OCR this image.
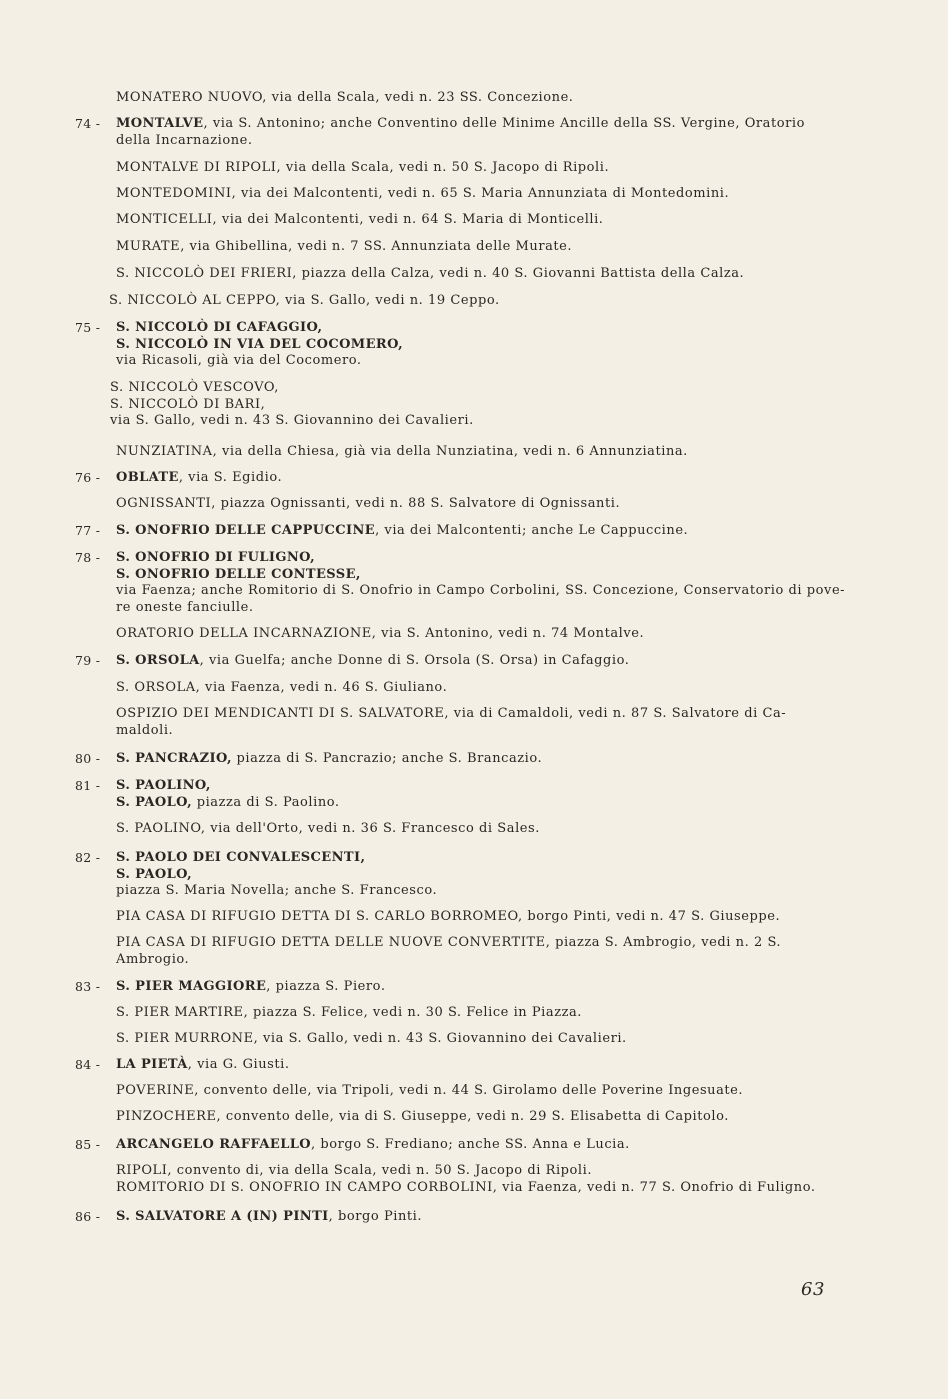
MONATERO NUOVO, via della Scala, vedi n. 23 SS. Concezione.
74 -	MONTALVE, via S. Antonino; anche Conventino delle Minime Ancille della SS. Vergine, Oratorio
della Incarnazione.
MONTALVE DI RIPOLI, via della Scala, vedi n. 50 S. Jacopo di Ripoli.
MONTEDOMINI, via dei Malcontenti, vedi n. 65 S. Maria Annunziata di Montedomini.
MONTICELLI, via dei Malcontenti, vedi n. 64 S. Maria di Monticelli.
MURATE, via Ghibellina, vedi n. 7 SS. Annunziata delle Murate.
S. NICCOLÒ DEI FRIERI, piazza della Calza, vedi n. 40 S. Giovanni Battista della Calza.
S. NICCOLÒ AL CEPPO, via S. Gallo, vedi n. 19 Ceppo.
75 -	S. NICCOLÒ DI CAFAGGIO,
S. NICCOLÒ IN VIA DEL COCOMERO,
via Ricasoli, già via del Cocomero.
S. NICCOLÒ VESCOVO,
S. NICCOLÒ DI BARI,
via S. Gallo, vedi n. 43 S. Giovannino dei Cavalieri.
NUNZIATINA, via della Chiesa, già via della Nunziatina, vedi n. 6 Annunziatina.
76 -	OBLATE, via S. Egidio.
OGNISSANTI, piazza Ognissanti, vedi n. 88 S. Salvatore di Ognissanti.
77 -	S. ONOFRIO DELLE CAPPUCCINE, via dei Malcontenti; anche Le Cappuccine.
78 -	S. ONOFRIO DI FULIGNO,
S. ONOFRIO DELLE CONTESSE,
via Faenza; anche Romitorio di S. Onofrio in Campo Corbolini, SS. Concezione, Conservatorio di pove-
re oneste fanciulle.
ORATORIO DELLA INCARNAZIONE, via S. Antonino, vedi n. 74 Montalve.
79 -	S. ORSOLA, via Guelfa; anche Donne di S. Orsola (S. Orsa) in Cafaggio.
S. ORSOLA, via Faenza, vedi n. 46 S. Giuliano.
OSPIZIO DEI MENDICANTI DI S. SALVATORE, via di Camaldoli, vedi n. 87 S. Salvatore di Ca-
maldoli.
80 -	S. PANCRAZIO, piazza di S. Pancrazio; anche S. Brancazio.
81 -	S. PAOLINO,
S. PAOLO, piazza di S. Paolino.
S. PAOLINO, via dell'Orto, vedi n. 36 S. Francesco di Sales.
82 -	S. PAOLO DEI CONVALESCENTI,
S. PAOLO,
piazza S. Maria Novella; anche S. Francesco.
PIA CASA DI RIFUGIO DETTA DI S. CARLO BORROMEO, borgo Pinti, vedi n. 47 S. Giuseppe.
PIA CASA DI RIFUGIO DETTA DELLE NUOVE CONVERTITE, piazza S. Ambrogio, vedi n. 2 S.
Ambrogio.
83 -	S. PIER MAGGIORE, piazza S. Piero.
S. PIER MARTIRE, piazza S. Felice, vedi n. 30 S. Felice in Piazza.
S. PIER MURRONE, via S. Gallo, vedi n. 43 S. Giovannino dei Cavalieri.
84 -	LA PIETÀ, via G. Giusti.
POVERINE, convento delle, via Tripoli, vedi n. 44 S. Girolamo delle Poverine Ingesuate.
PINZOCHERE, convento delle, via di S. Giuseppe, vedi n. 29 S. Elisabetta di Capitolo.
85 -	ARCANGELO RAFFAELLO, borgo S. Frediano; anche SS. Anna e Lucia.
RIPOLI, convento di, via della Scala, vedi n. 50 S. Jacopo di Ripoli.
ROMITORIO DI S. ONOFRIO IN CAMPO CORBOLINI, via Faenza, vedi n. 77 S. Onofrio di Fuligno.
86 -	S. SALVATORE A (IN) PINTI, borgo Pinti.
63
